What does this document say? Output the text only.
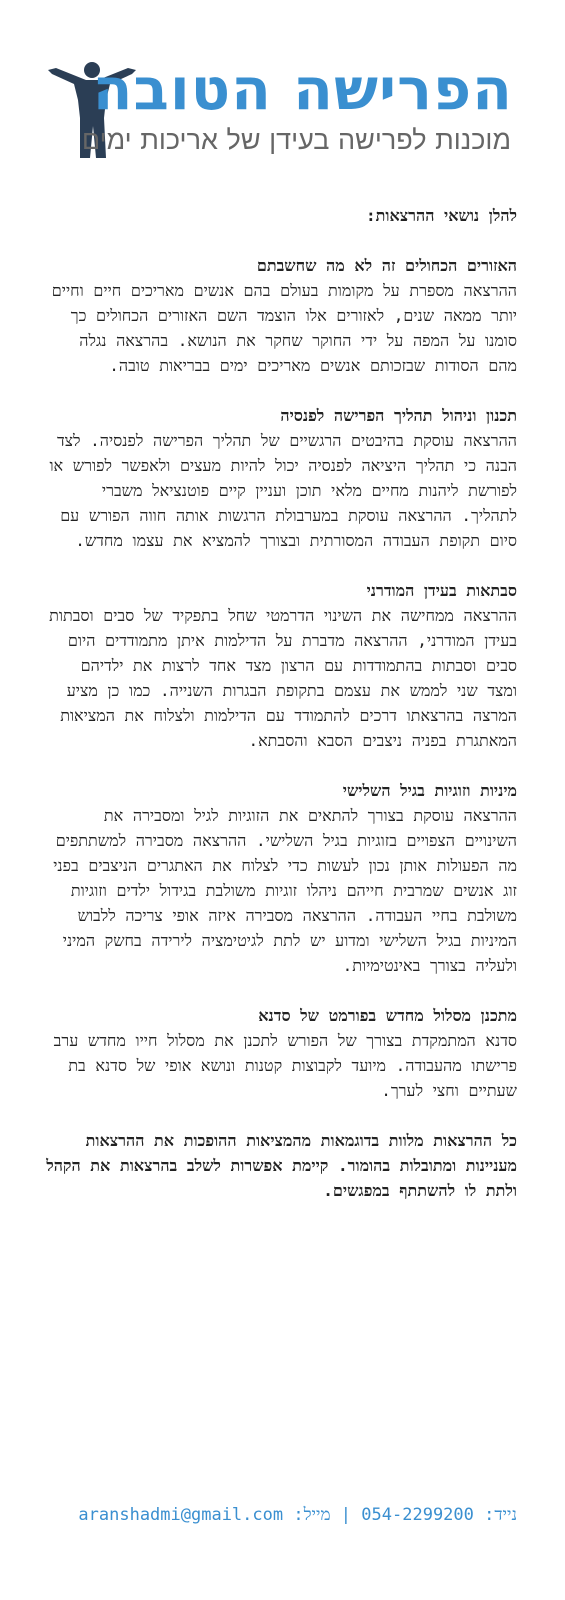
הפרישה הטובה

מוכנות לפרישה בעידן של אריכות ימים

להלן נושאי ההרצאות:

האזורים הכחולים זה לא מה שחשבתם

ההרצאה מספרת על מקומות בעולם בהם אנשים מאריכים חיים וחיים יותר ממאה שנים, לאזורים אלו הוצמד השם האזורים הכחולים כך סומנו על המפה על ידי החוקר שחקר את הנושא. בהרצאה נגלה מהם הסודות שבזכותם אנשים מאריכים ימים בבריאות טובה.

תכנון וניהול תהליך הפרישה לפנסיה

ההרצאה עוסקת בהיבטים הרגשיים של תהליך הפרישה לפנסיה. לצד הבנה כי תהליך היציאה לפנסיה יכול להיות מעצים ולאפשר לפורש או לפורשת ליהנות מחיים מלאי תוכן ועניין קיים פוטנציאל משברי לתהליך. ההרצאה עוסקת במערבולת הרגשות אותה חווה הפורש עם סיום תקופת העבודה המסורתית ובצורך להמציא את עצמו מחדש.

סבתאות בעידן המודרני

ההרצאה ממחישה את השינוי הדרמטי שחל בתפקיד של סבים וסבתות בעידן המודרני, ההרצאה מדברת על הדילמות איתן מתמודדים היום סבים וסבתות בהתמודדות עם הרצון מצד אחד לרצות את ילדיהם ומצד שני לממש את עצמם בתקופת הבגרות השנייה. כמו כן מציע המרצה בהרצאתו דרכים להתמודד עם הדילמות ולצלוח את המציאות המאתגרת בפניה ניצבים הסבא והסבתא.

מיניות וזוגיות בגיל השלישי

ההרצאה עוסקת בצורך להתאים את הזוגיות לגיל ומסבירה את השינויים הצפויים בזוגיות בגיל השלישי. ההרצאה מסבירה למשתתפים מה הפעולות אותן נכון לעשות כדי לצלוח את האתגרים הניצבים בפני זוג אנשים שמרבית חייהם ניהלו זוגיות משולבת בגידול ילדים וזוגיות משולבת בחיי העבודה. ההרצאה מסבירה איזה אופי צריכה ללבוש המיניות בגיל השלישי ומדוע יש לתת לגיטימציה לירידה בחשק המיני ולעליה בצורך באינטימיות.

מתכנן מסלול מחדש בפורמט של סדנא

סדנא המתמקדת בצורך של הפורש לתכנן את מסלול חייו מחדש ערב פרישתו מהעבודה. מיועד לקבוצות קטנות ונושא אופי של סדנא בת שעתיים וחצי לערך.

כל ההרצאות מלוות בדוגמאות מהמציאות ההופכות את ההרצאות מעניינות ומתובלות בהומור. קיימת אפשרות לשלב בהרצאות את הקהל ולתת לו להשתתף במפגשים.

נייד: 054-2299200 | מייל: aranshadmi@gmail.com
